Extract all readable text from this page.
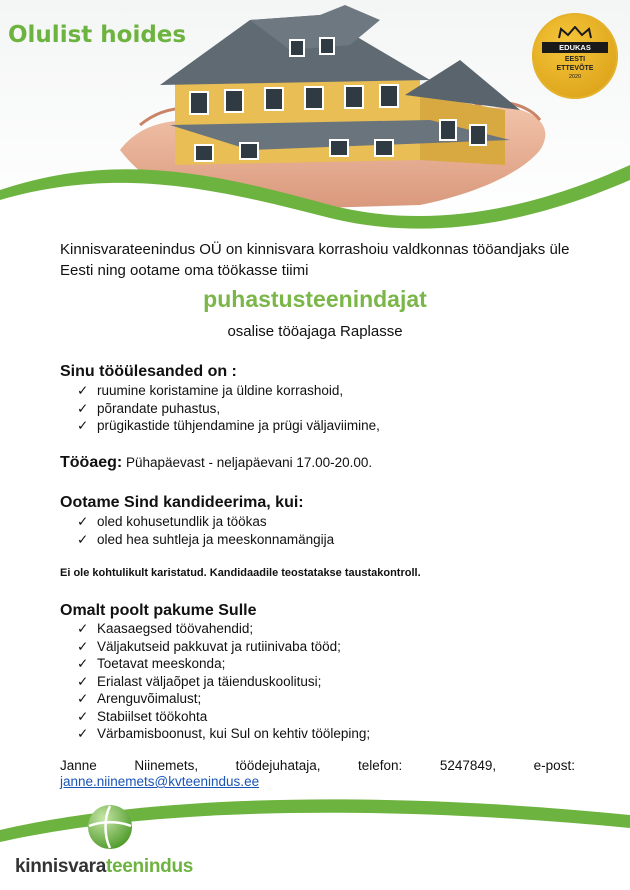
Olulist hoides	EDUKAS
EESTI
ETTEVÕTE
2020

Kinnisvarateenindus OÜ on kinnisvara korrashoiu valdkonnas tööandjaks üle Eesti ning ootame oma töökasse tiimi

puhastusteenindajat

osalise tööajaga Raplasse

Sinu tööülesanded on :
✓ ruumine koristamine ja üldine korrashoid,
✓ põrandate puhastus,
✓ prügikastide tühjendamine ja prügi väljaviimine,

Tööaeg: Pühapäevast - neljapäevani 17.00-20.00.

Ootame Sind kandideerima, kui:
✓ oled kohusetundlik ja töökas
✓ oled hea suhtleja ja meeskonnamängija

Ei ole kohtulikult karistatud. Kandidaadile teostatakse taustakontroll.

Omalt poolt pakume Sulle
✓ Kaasaegsed töövahendid;
✓ Väljakutseid pakkuvat ja rutiinivaba tööd;
✓ Toetavat meeskonda;
✓ Erialast väljaõpet ja täienduskoolitusi;
✓ Arenguvõimalust;
✓ Stabiilset töökohta
✓ Värbamisboonust, kui Sul on kehtiv tööleping;

Janne	Niinemets,	töödejuhataja,	telefon:	5247849,	e-post:

janne.niinemets@kvteenindus.ee

kinnisvarateenindus
